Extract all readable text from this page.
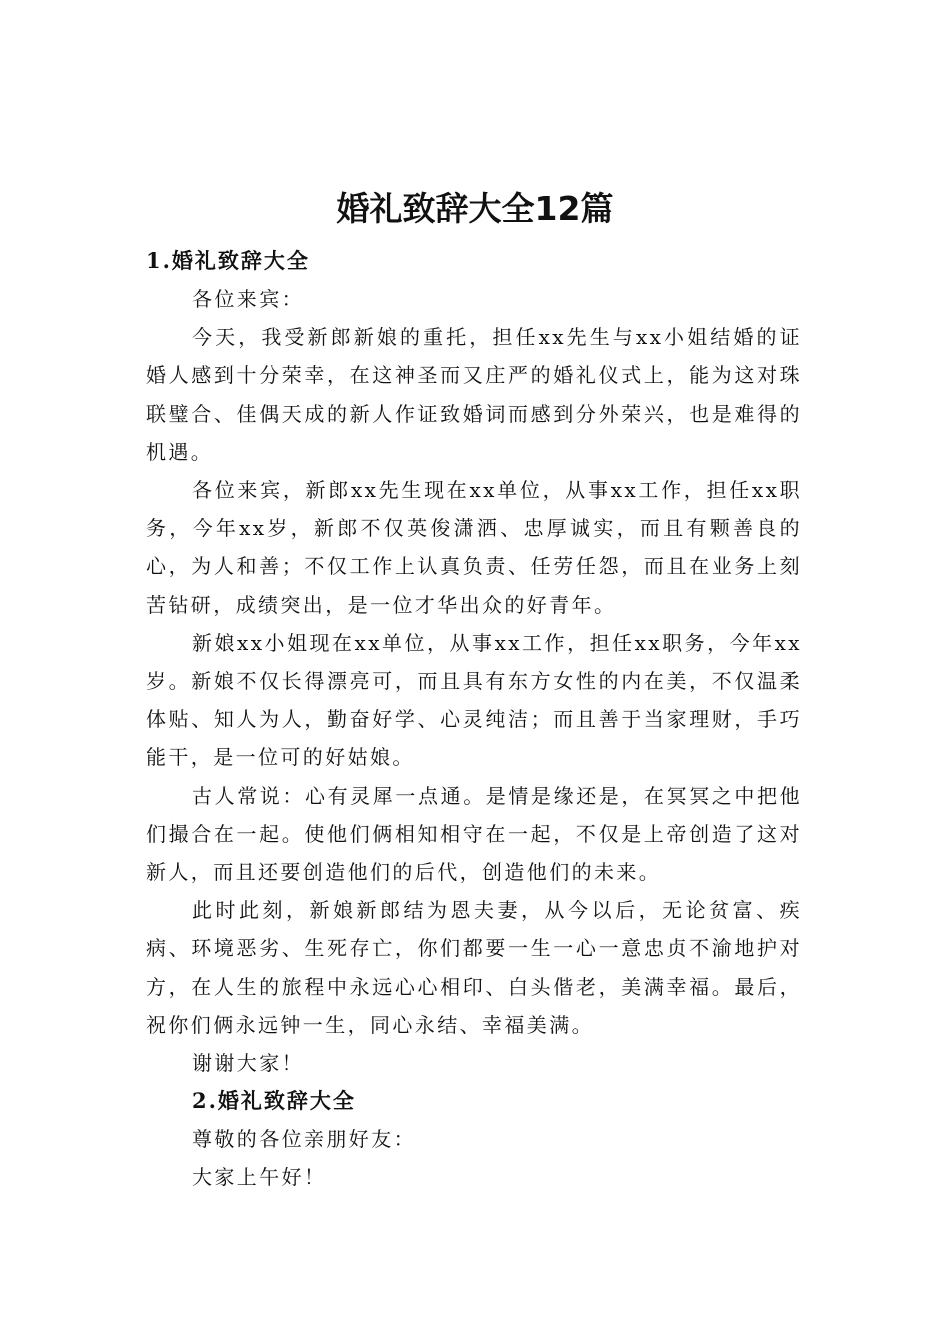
婚礼致辞大全12篇
1.婚礼致辞大全

各位来宾：

今天，我受新郎新娘的重托，担任xx先生与xx小姐结婚的证婚人感到十分荣幸，在这神圣而又庄严的婚礼仪式上，能为这对珠联璧合、佳偶天成的新人作证致婚词而感到分外荣兴，也是难得的机遇。

各位来宾，新郎xx先生现在xx单位，从事xx工作，担任xx职务，今年xx岁，新郎不仅英俊潇洒、忠厚诚实，而且有颗善良的心，为人和善；不仅工作上认真负责、任劳任怨，而且在业务上刻苦钻研，成绩突出，是一位才华出众的好青年。

新娘xx小姐现在xx单位，从事xx工作，担任xx职务，今年xx岁。新娘不仅长得漂亮可，而且具有东方女性的内在美，不仅温柔体贴、知人为人，勤奋好学、心灵纯洁；而且善于当家理财，手巧能干，是一位可的好姑娘。

古人常说：心有灵犀一点通。是情是缘还是，在冥冥之中把他们撮合在一起。使他们俩相知相守在一起，不仅是上帝创造了这对新人，而且还要创造他们的后代，创造他们的未来。

此时此刻，新娘新郎结为恩夫妻，从今以后，无论贫富、疾病、环境恶劣、生死存亡，你们都要一生一心一意忠贞不渝地护对方，在人生的旅程中永远心心相印、白头偕老，美满幸福。最后，祝你们俩永远钟一生，同心永结、幸福美满。

谢谢大家！

2.婚礼致辞大全

尊敬的各位亲朋好友：

大家上午好！
